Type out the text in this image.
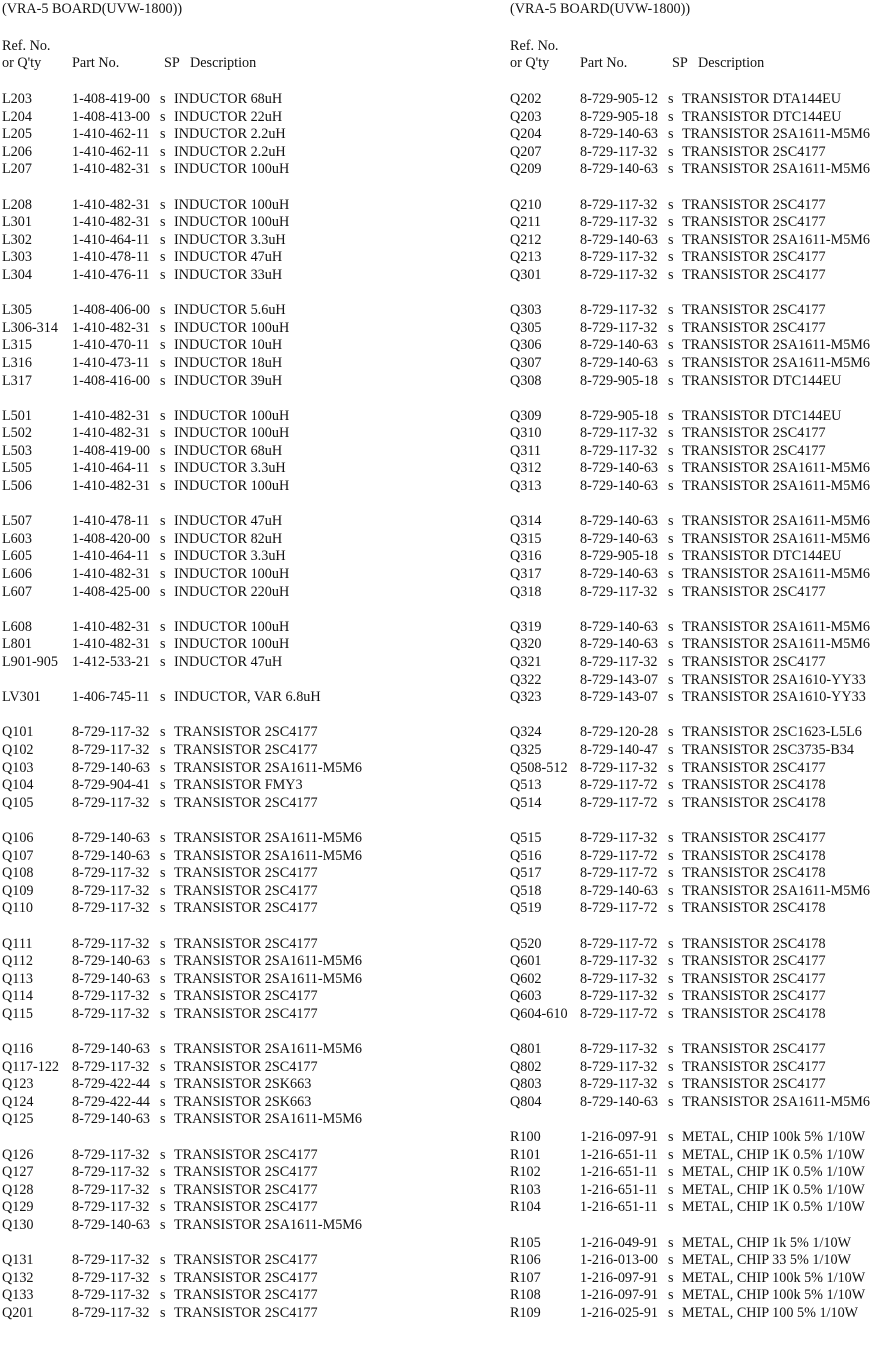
(VRA-5 BOARD(UVW-1800))
Ref. No.

or Q'ty

Part No.

	SP

Description

L203	1-408-419-00 s INDUCTOR 68uH
L204	1-408-413-00 s INDUCTOR 22uH
L205	1-410-462-11 s INDUCTOR 2.2uH
L206	1-410-462-11 s INDUCTOR 2.2uH
L207	1-410-482-31 s INDUCTOR 100uH
L208	1-410-482-31 s INDUCTOR 100uH
L301	1-410-482-31 s INDUCTOR 100uH
L302	1-410-464-11 s INDUCTOR 3.3uH
L303	1-410-478-11 s INDUCTOR 47uH
L304	1-410-476-11 s INDUCTOR 33uH
L305	1-408-406-00 s INDUCTOR 5.6uH
L306-314 1-410-482-31 s INDUCTOR 100uH
L315	1-410-470-11 s INDUCTOR 10uH
L316	1-410-473-11 s INDUCTOR 18uH
L317	1-408-416-00 s INDUCTOR 39uH
L501	1-410-482-31 s INDUCTOR 100uH
L502	1-410-482-31 s INDUCTOR 100uH
L503	1-408-419-00 s INDUCTOR 68uH
L505	1-410-464-11 s INDUCTOR 3.3uH
L506	1-410-482-31 s INDUCTOR 100uH
L507	1-410-478-11 s INDUCTOR 47uH
L603	1-408-420-00 s INDUCTOR 82uH
L605	1-410-464-11 s INDUCTOR 3.3uH
L606	1-410-482-31 s INDUCTOR 100uH
L607	1-408-425-00 s INDUCTOR 220uH
L608	1-410-482-31 s INDUCTOR 100uH
L801	1-410-482-31 s INDUCTOR 100uH
L901-905 1-412-533-21 s INDUCTOR 47uH
LV301 1-406-745-11 s INDUCTOR, VAR 6.8uH
Q101	8-729-117-32 s TRANSISTOR 2SC4177
Q102	8-729-117-32 s TRANSISTOR 2SC4177
Q103	8-729-140-63 s TRANSISTOR 2SA1611-M5M6
Q104	8-729-904-41 s TRANSISTOR FMY3
Q105	8-729-117-32 s TRANSISTOR 2SC4177
Q106	8-729-140-63 s TRANSISTOR 2SA1611-M5M6
Q107	8-729-140-63 s TRANSISTOR 2SA1611-M5M6
Q108	8-729-117-32 s TRANSISTOR 2SC4177
Q109	8-729-117-32 s TRANSISTOR 2SC4177
Q110	8-729-117-32 s TRANSISTOR 2SC4177
Q111	8-729-117-32 s TRANSISTOR 2SC4177
Q112	8-729-140-63 s TRANSISTOR 2SA1611-M5M6
Q113	8-729-140-63 s TRANSISTOR 2SA1611-M5M6
Q114	8-729-117-32 s TRANSISTOR 2SC4177
Q115	8-729-117-32 s TRANSISTOR 2SC4177
Q116	8-729-140-63 s TRANSISTOR 2SA1611-M5M6
Q117-122 8-729-117-32 s TRANSISTOR 2SC4177
Q123	8-729-422-44 s TRANSISTOR 2SK663
Q124	8-729-422-44 s TRANSISTOR 2SK663
Q125	8-729-140-63 s TRANSISTOR 2SA1611-M5M6
Q126	8-729-117-32 s TRANSISTOR 2SC4177
Q127	8-729-117-32 s TRANSISTOR 2SC4177
Q128	8-729-117-32 s TRANSISTOR 2SC4177
Q129	8-729-117-32 s TRANSISTOR 2SC4177
Q130	8-729-140-63 s TRANSISTOR 2SA1611-M5M6
Q131	8-729-117-32 s TRANSISTOR 2SC4177
Q132	8-729-117-32 s TRANSISTOR 2SC4177
Q133	8-729-117-32 s TRANSISTOR 2SC4177
Q201	8-729-117-32 s TRANSISTOR 2SC4177
(VRA-5 BOARD(UVW-1800))
Ref. No.

or Q'ty

Part No.

	SP

Description

Q202	8-729-905-12 s TRANSISTOR DTA144EU
Q203	8-729-905-18 s TRANSISTOR DTC144EU
Q204	8-729-140-63 s TRANSISTOR 2SA1611-M5M6
Q207	8-729-117-32 s TRANSISTOR 2SC4177
Q209	8-729-140-63 s TRANSISTOR 2SA1611-M5M6
Q210	8-729-117-32 s TRANSISTOR 2SC4177
Q211	8-729-117-32 s TRANSISTOR 2SC4177
Q212	8-729-140-63 s TRANSISTOR 2SA1611-M5M6
Q213	8-729-117-32 s TRANSISTOR 2SC4177
Q301	8-729-117-32 s TRANSISTOR 2SC4177
Q303	8-729-117-32 s TRANSISTOR 2SC4177
Q305	8-729-117-32 s TRANSISTOR 2SC4177
Q306	8-729-140-63 s TRANSISTOR 2SA1611-M5M6
Q307	8-729-140-63 s TRANSISTOR 2SA1611-M5M6
Q308	8-729-905-18 s TRANSISTOR DTC144EU
Q309	8-729-905-18 s TRANSISTOR DTC144EU
Q310	8-729-117-32 s TRANSISTOR 2SC4177
Q311	8-729-117-32 s TRANSISTOR 2SC4177
Q312	8-729-140-63 s TRANSISTOR 2SA1611-M5M6
Q313	8-729-140-63 s TRANSISTOR 2SA1611-M5M6
Q314	8-729-140-63 s TRANSISTOR 2SA1611-M5M6
Q315	8-729-140-63 s TRANSISTOR 2SA1611-M5M6
Q316	8-729-905-18 s TRANSISTOR DTC144EU
Q317	8-729-140-63 s TRANSISTOR 2SA1611-M5M6
Q318	8-729-117-32 s TRANSISTOR 2SC4177
Q319	8-729-140-63 s TRANSISTOR 2SA1611-M5M6
Q320	8-729-140-63 s TRANSISTOR 2SA1611-M5M6
Q321	8-729-117-32 s TRANSISTOR 2SC4177
Q322	8-729-143-07 s TRANSISTOR 2SA1610-YY33
Q323	8-729-143-07 s TRANSISTOR 2SA1610-YY33
Q324	8-729-120-28 s TRANSISTOR 2SC1623-L5L6
Q325	8-729-140-47 s TRANSISTOR 2SC3735-B34
Q508-512 8-729-117-32 s TRANSISTOR 2SC4177
Q513	8-729-117-72 s TRANSISTOR 2SC4178
Q514	8-729-117-72 s TRANSISTOR 2SC4178
Q515	8-729-117-32 s TRANSISTOR 2SC4177
Q516	8-729-117-72 s TRANSISTOR 2SC4178
Q517	8-729-117-72 s TRANSISTOR 2SC4178
Q518	8-729-140-63 s TRANSISTOR 2SA1611-M5M6
Q519	8-729-117-72 s TRANSISTOR 2SC4178
Q520	8-729-117-72 s TRANSISTOR 2SC4178
Q601	8-729-117-32 s TRANSISTOR 2SC4177
Q602	8-729-117-32 s TRANSISTOR 2SC4177
Q603	8-729-117-32 s TRANSISTOR 2SC4177
Q604-610 8-729-117-72 s TRANSISTOR 2SC4178
Q801	8-729-117-32 s TRANSISTOR 2SC4177
Q802	8-729-117-32 s TRANSISTOR 2SC4177
Q803	8-729-117-32 s TRANSISTOR 2SC4177
Q804	8-729-140-63 s TRANSISTOR 2SA1611-M5M6
R100	1-216-097-91 s METAL, CHIP 100k 5% 1/10W
R101	1-216-651-11 s METAL, CHIP 1K 0.5% 1/10W
R102	1-216-651-11 s METAL, CHIP 1K 0.5% 1/10W
R103	1-216-651-11 s METAL, CHIP 1K 0.5% 1/10W
R104	1-216-651-11 s METAL, CHIP 1K 0.5% 1/10W
R105	1-216-049-91 s METAL, CHIP 1k 5% 1/10W
R106	1-216-013-00 s METAL, CHIP 33 5% 1/10W
R107	1-216-097-91 s METAL, CHIP 100k 5% 1/10W
R108	1-216-097-91 s METAL, CHIP 100k 5% 1/10W
R109	1-216-025-91 s METAL, CHIP 100 5% 1/10W
